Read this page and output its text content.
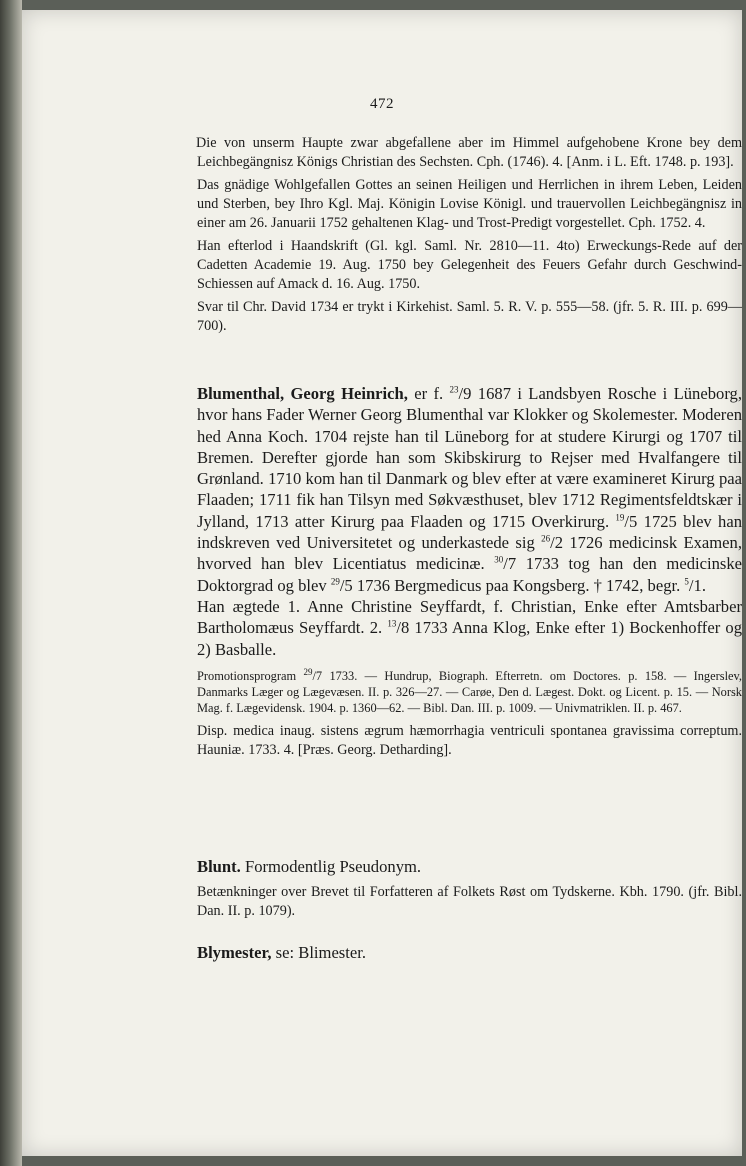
472

Die von unserm Haupte zwar abgefallene aber im Himmel aufgehobene Krone bey dem Leichbegängnisz Königs Christian des Sechsten. Cph. (1746). 4. [Anm. i L. Eft. 1748. p. 193].

Das gnädige Wohlgefallen Gottes an seinen Heiligen und Herrlichen in ihrem Leben, Leiden und Sterben, bey Ihro Kgl. Maj. Königin Lovise Königl. und trauervollen Leichbegängnisz in einer am 26. Januarii 1752 gehaltenen Klag- und Trost-Predigt vorgestellet. Cph. 1752. 4.

Han efterlod i Haandskrift (Gl. kgl. Saml. Nr. 2810—11. 4to) Erweckungs-Rede auf der Cadetten Academie 19. Aug. 1750 bey Gelegenheit des Feuers Gefahr durch Geschwind-Schiessen auf Amack d. 16. Aug. 1750.

Svar til Chr. David 1734 er trykt i Kirkehist. Saml. 5. R. V. p. 555—58. (jfr. 5. R. III. p. 699—700).

Blumenthal, Georg Heinrich, er f. $^{23}$/9 1687 i Landsbyen Rosche i Lüneborg, hvor hans Fader Werner Georg Blumenthal var Klokker og Skolemester. Moderen hed Anna Koch. 1704 rejste han til Lüneborg for at studere Kirurgi og 1707 til Bremen. Derefter gjorde han som Skibskirurg to Rejser med Hvalfangere til Grønland. 1710 kom han til Danmark og blev efter at være examineret Kirurg paa Flaaden; 1711 fik han Tilsyn med Søkvæsthuset, blev 1712 Regimentsfeldtskær i Jylland, 1713 atter Kirurg paa Flaaden og 1715 Overkirurg. $^{19}$/5 1725 blev han indskreven ved Universitetet og underkastede sig $^{26}$/2 1726 medicinsk Examen, hvorved han blev Licentiatus medicinæ. $^{30}$/7 1733 tog han den medicinske Doktorgrad og blev $^{29}$/5 1736 Bergmedicus paa Kongsberg. † 1742, begr. $^5$/1.

Han ægtede 1. Anne Christine Seyffardt, f. Christian, Enke efter Amtsbarber Bartholomæus Seyffardt. 2. $^{13}$/8 1733 Anna Klog, Enke efter 1) Bockenhoffer og 2) Basballe.

Promotionsprogram $^{29}$/7 1733. — Hundrup, Biograph. Efterretn. om Doctores. p. 158. — Ingerslev, Danmarks Læger og Lægevæsen. II. p. 326—27. — Carøe, Den d. Lægest. Dokt. og Licent. p. 15. — Norsk Mag. f. Lægevidensk. 1904. p. 1360—62. — Bibl. Dan. III. p. 1009. — Univmatriklen. II. p. 467.

Disp. medica inaug. sistens ægrum hæmorrhagia ventriculi spontanea gravissima correptum. Hauniæ. 1733. 4. [Præs. Georg. Detharding].

Blunt. Formodentlig Pseudonym.

Betænkninger over Brevet til Forfatteren af Folkets Røst om Tydskerne. Kbh. 1790. (jfr. Bibl. Dan. II. p. 1079).

Blymester, se: Blimester.
